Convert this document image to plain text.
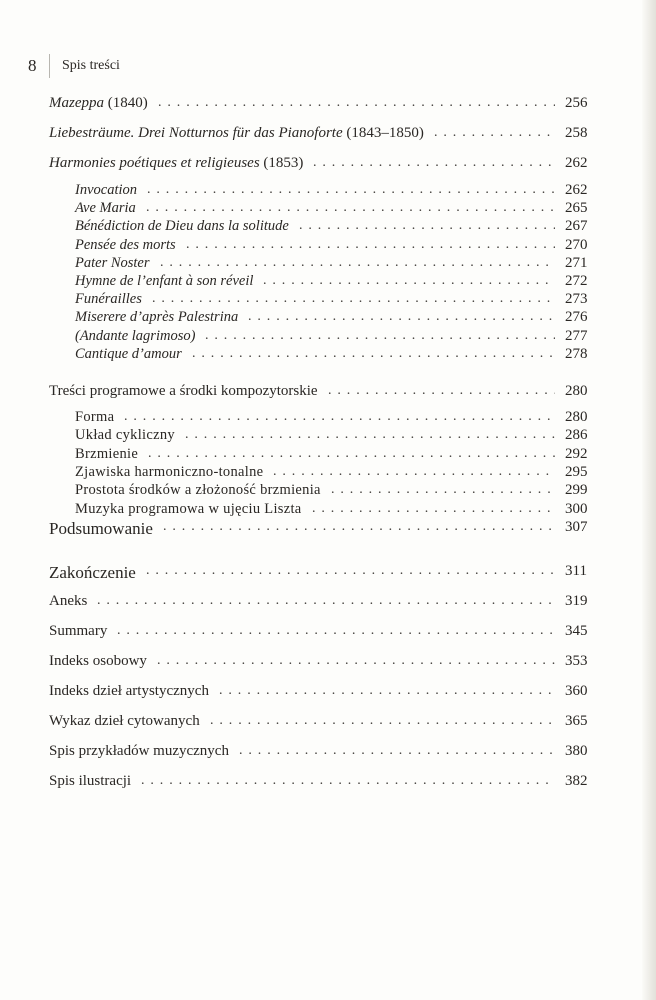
8 Spis treści
Mazeppa (1840) . . .	256
Liebesträume. Drei Notturnos für das Pianoforte (1843–1850) . . .	258
Harmonies poétiques et religieuses (1853) . . .	262
Invocation . . .	262
Ave Maria . . .	265
Bénédiction de Dieu dans la solitude . . .	267
Pensée des morts . . .	270
Pater Noster . . .	271
Hymne de l’enfant à son réveil . . .	272
Funérailles . . .	273
Miserere d’après Palestrina . . .	276
(Andante lagrimoso) . . .	277
Cantique d’amour . . .	278
Treści programowe a środki kompozytorskie . . .	280
Forma . . .	280
Układ cykliczny . . .	286
Brzmienie . . .	292
Zjawiska harmoniczno-tonalne . . .	295
Prostota środków a złożoność brzmienia . . .	299
Muzyka programowa w ujęciu Liszta . . .	300
Podsumowanie . . .	307
Zakończenie . . .	311
Aneks . . .	319
Summary . . .	345
Indeks osobowy . . .	353
Indeks dzieł artystycznych . . .	360
Wykaz dzieł cytowanych . . .	365
Spis przykładów muzycznych . . .	380
Spis ilustracji . . .	382
